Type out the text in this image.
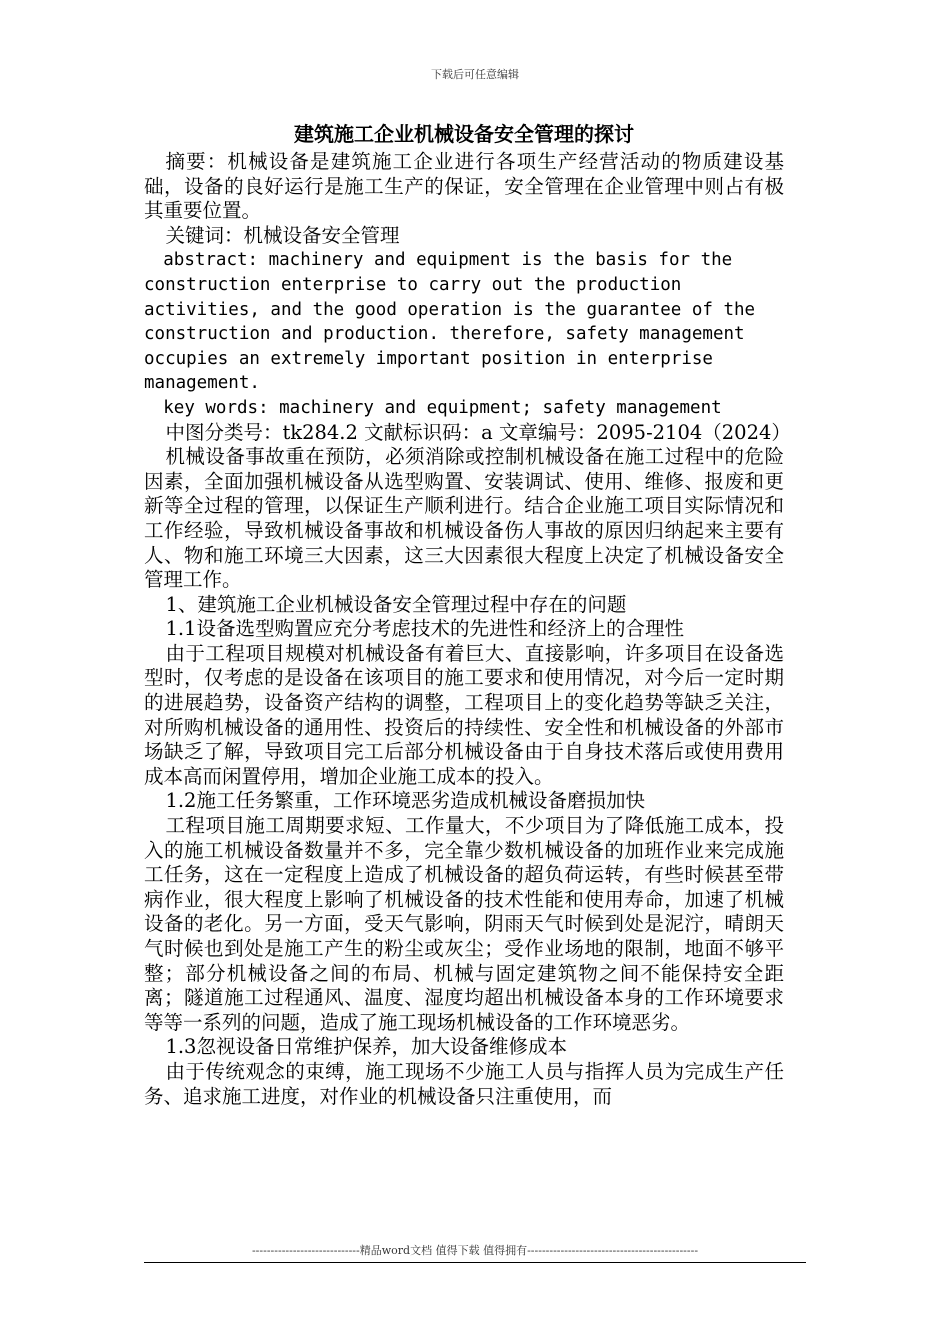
下载后可任意编辑
建筑施工企业机械设备安全管理的探讨

摘要：机械设备是建筑施工企业进行各项生产经营活动的物质建设基础，设备的良好运行是施工生产的保证，安全管理在企业管理中则占有极其重要位置。

关键词：机械设备安全管理

abstract: machinery and equipment is the basis for the construction enterprise to carry out the production activities, and the good operation is the guarantee of the construction and production. therefore, safety management occupies an extremely important position in enterprise management.

key words: machinery and equipment; safety management

中图分类号：tk284.2 文献标识码：a 文章编号：2095-2104（2024）

机械设备事故重在预防，必须消除或控制机械设备在施工过程中的危险因素，全面加强机械设备从选型购置、安装调试、使用、维修、报废和更新等全过程的管理，以保证生产顺利进行。结合企业施工项目实际情况和工作经验，导致机械设备事故和机械设备伤人事故的原因归纳起来主要有人、物和施工环境三大因素，这三大因素很大程度上决定了机械设备安全管理工作。

1、建筑施工企业机械设备安全管理过程中存在的问题

1.1设备选型购置应充分考虑技术的先进性和经济上的合理性

由于工程项目规模对机械设备有着巨大、直接影响，许多项目在设备选型时，仅考虑的是设备在该项目的施工要求和使用情况，对今后一定时期的进展趋势，设备资产结构的调整，工程项目上的变化趋势等缺乏关注，对所购机械设备的通用性、投资后的持续性、安全性和机械设备的外部市场缺乏了解，导致项目完工后部分机械设备由于自身技术落后或使用费用成本高而闲置停用，增加企业施工成本的投入。

1.2施工任务繁重，工作环境恶劣造成机械设备磨损加快

工程项目施工周期要求短、工作量大，不少项目为了降低施工成本，投入的施工机械设备数量并不多，完全靠少数机械设备的加班作业来完成施工任务，这在一定程度上造成了机械设备的超负荷运转，有些时候甚至带病作业，很大程度上影响了机械设备的技术性能和使用寿命，加速了机械设备的老化。另一方面，受天气影响，阴雨天气时候到处是泥泞，晴朗天气时候也到处是施工产生的粉尘或灰尘；受作业场地的限制，地面不够平整；部分机械设备之间的布局、机械与固定建筑物之间不能保持安全距离；隧道施工过程通风、温度、湿度均超出机械设备本身的工作环境要求等等一系列的问题，造成了施工现场机械设备的工作环境恶劣。

1.3忽视设备日常维护保养，加大设备维修成本

由于传统观念的束缚，施工现场不少施工人员与指挥人员为完成生产任务、追求施工进度，对作业的机械设备只注重使用，而

-----------------------------精品word文档 值得下载 值得拥有----------------------------------------------
